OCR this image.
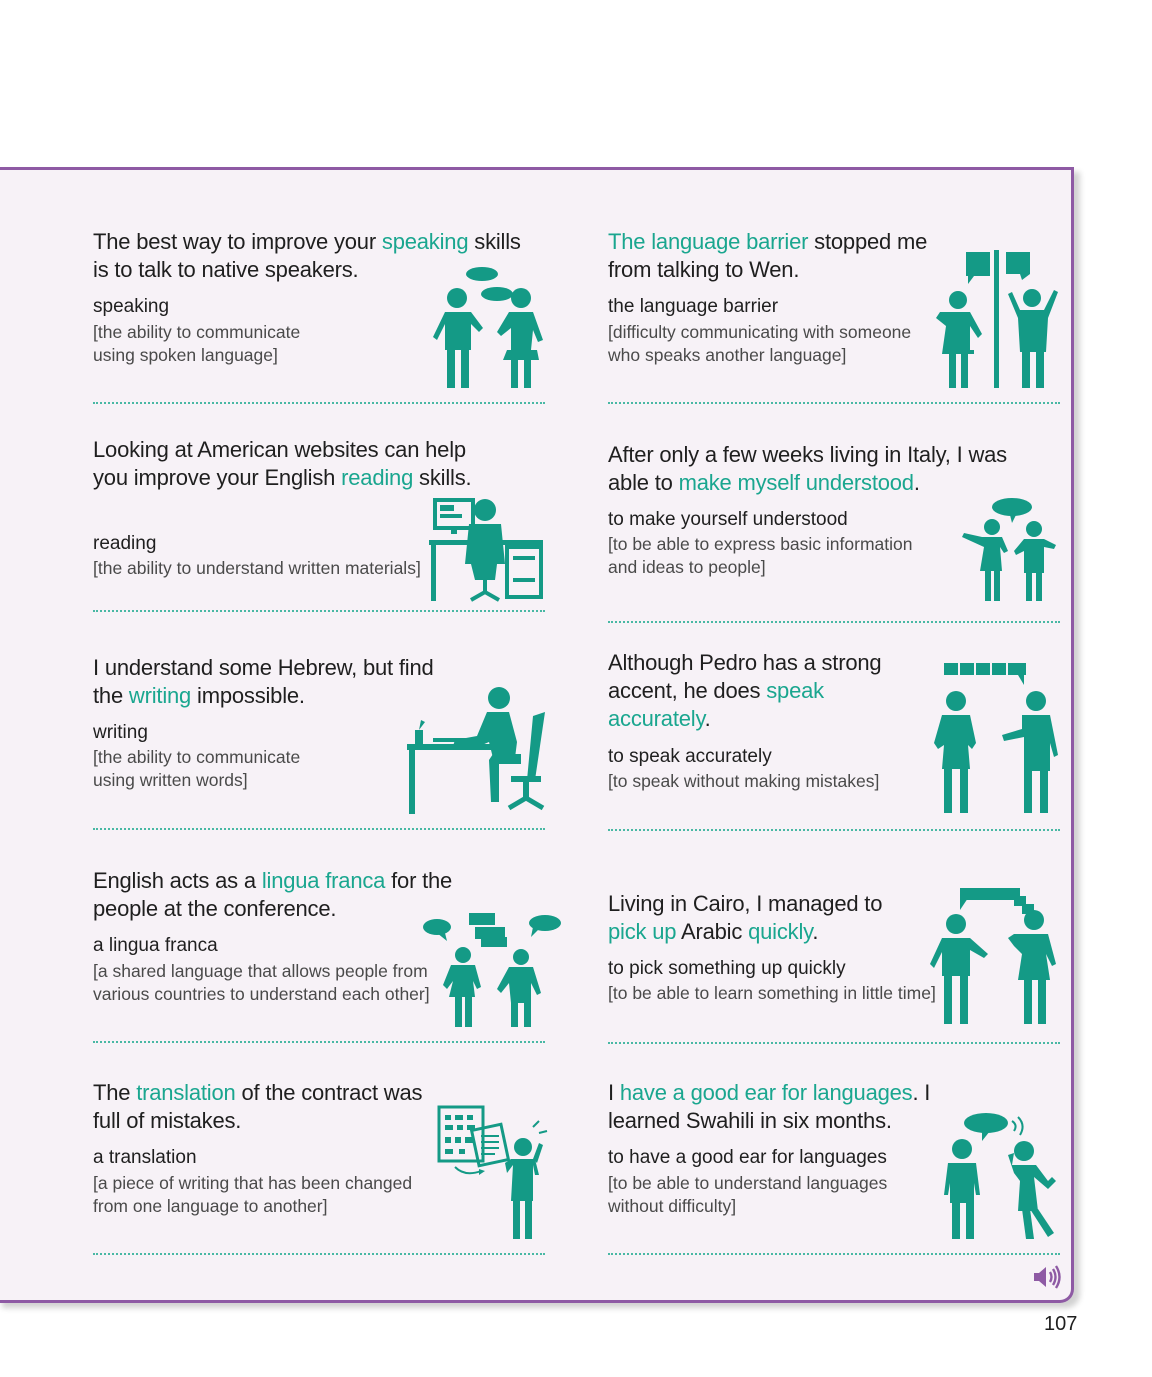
The best way to improve your speaking skills is to talk to native speakers.

speaking

[the ability to communicate using spoken language]

The language barrier stopped me from talking to Wen.

the language barrier

[difficulty communicating with someone who speaks another language]

Looking at American websites can help you improve your English reading skills.

reading

[the ability to understand written materials]

After only a few weeks living in Italy, I was able to make myself understood.

to make yourself understood

[to be able to express basic information and ideas to people]

I understand some Hebrew, but find the writing impossible.

writing

[the ability to communicate using written words]

Although Pedro has a strong accent, he does speak accurately.

to speak accurately

[to speak without making mistakes]

English acts as a lingua franca for the people at the conference.

a lingua franca

[a shared language that allows people from various countries to understand each other]

Living in Cairo, I managed to pick up Arabic quickly.

to pick something up quickly

[to be able to learn something in little time]

The translation of the contract was full of mistakes.

a translation

[a piece of writing that has been changed from one language to another]

I have a good ear for languages. I learned Swahili in six months.

to have a good ear for languages

[to be able to understand languages without difficulty]

107
